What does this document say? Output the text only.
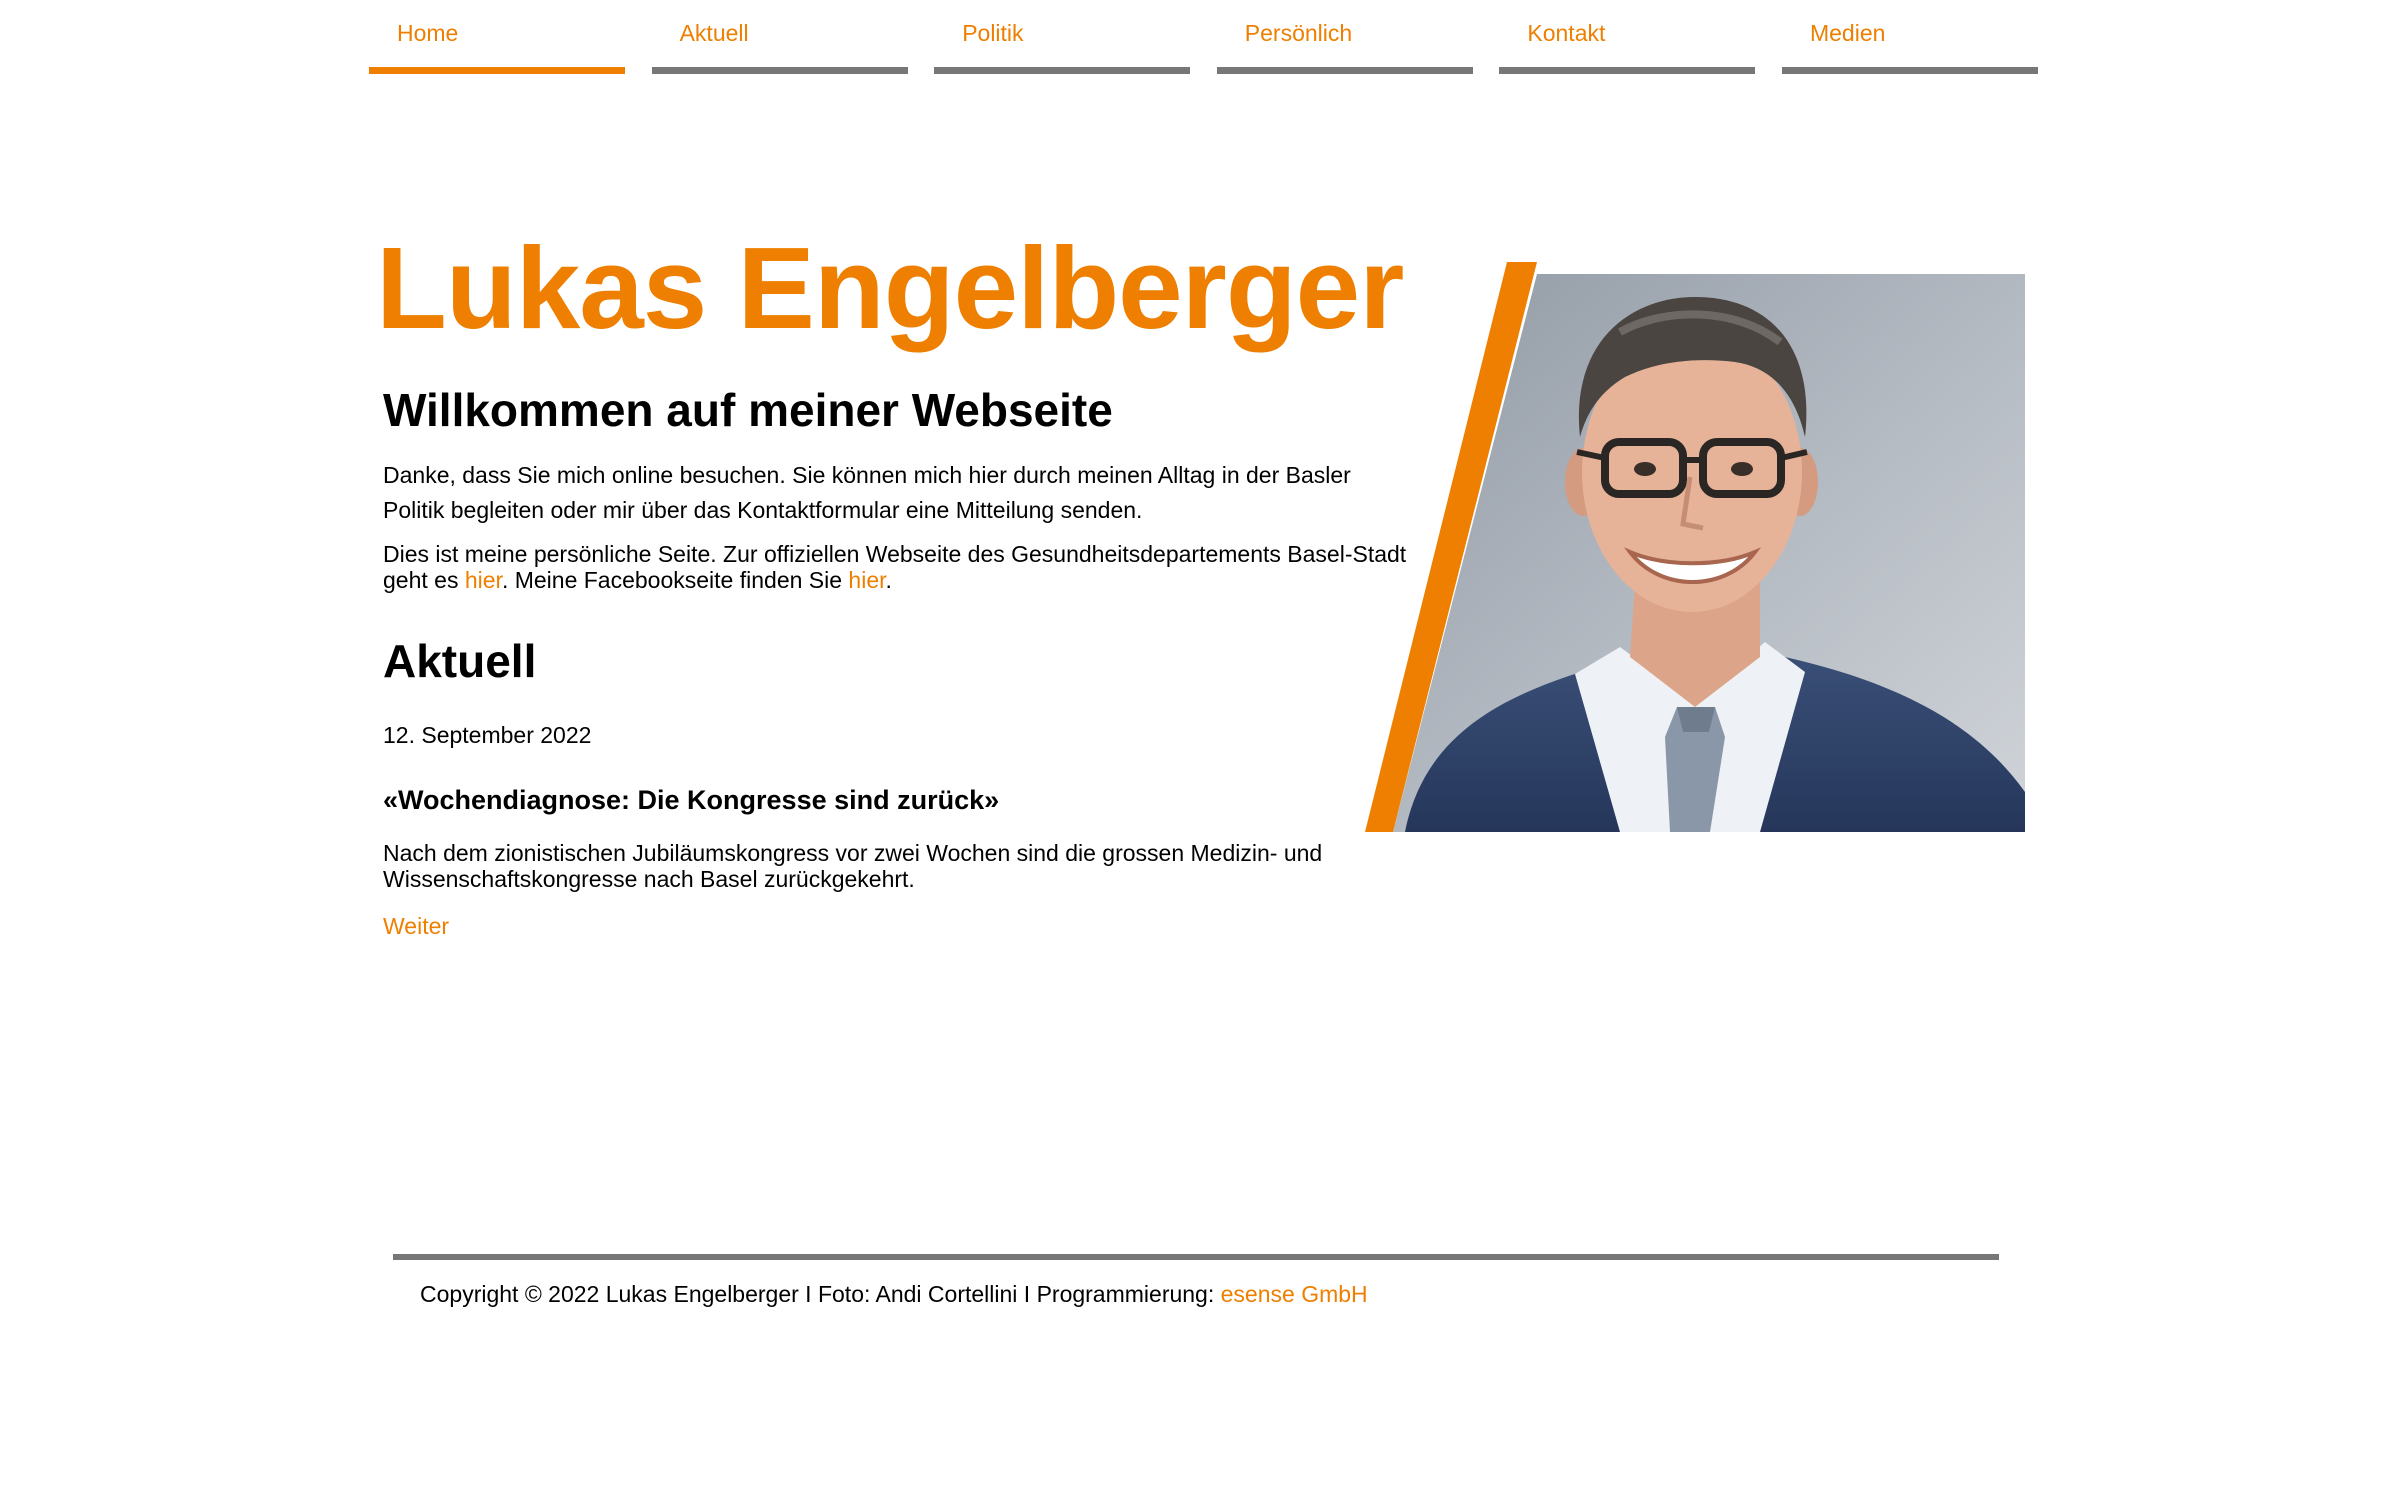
Home	Aktuell	Politik	Persönlich	Kontakt	Medien
Lukas Engelberger
Willkommen auf meiner Webseite

Danke, dass Sie mich online besuchen. Sie können mich hier durch meinen Alltag in der Basler Politik begleiten oder mir über das Kontaktformular eine Mitteilung senden.

Dies ist meine persönliche Seite. Zur offiziellen Webseite des Gesundheitsdepartements Basel-Stadt geht es hier. Meine Facebookseite finden Sie hier.

Aktuell

12. September 2022

«Wochendiagnose: Die Kongresse sind zurück»

Nach dem zionistischen Jubiläumskongress vor zwei Wochen sind die grossen Medizin- und Wissenschaftskongresse nach Basel zurückgekehrt.

Weiter

Copyright © 2022 Lukas Engelberger I Foto: Andi Cortellini I Programmierung: esense GmbH
